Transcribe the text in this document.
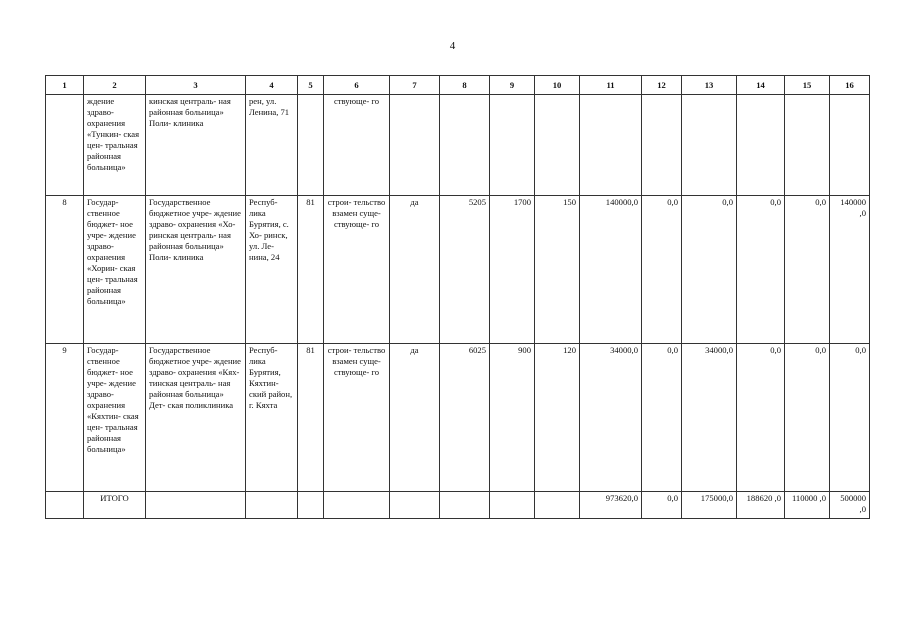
4
1	2	3	4	5	6	7	8	9	10	11	12	13	14	15	16
	ждение здраво- охранения «Тункин- ская цен- тральная районная больница»	кинская централь- ная районная больница» Поли- клиника	рен, ул. Ленина, 71		ствующе- го										
8	Государ- ственное бюджет- ное учре- ждение здраво- охранения «Хорин- ская цен- тральная районная больница»	Государственное бюджетное учре- ждение здраво- охранения «Хо- ринская централь- ная районная больница» Поли- клиника	Респуб- лика Бурятия, с. Хо- ринск, ул. Ле- нина, 24	81	строи- тельство взамен суще- ствующе- го	да	5205	1700	150	140000,0	0,0	0,0	0,0	0,0	140000 ,0
9	Государ- ственное бюджет- ное учре- ждение здраво- охранения «Кяхтин- ская цен- тральная районная больница»	Государственное бюджетное учре- ждение здраво- охранения «Кях- тинская централь- ная районная больница» Дет- ская поликлиника	Респуб- лика Бурятия, Кяхтин- ский район, г. Кяхта	81	строи- тельство взамен суще- ствующе- го	да	6025	900	120	34000,0	0,0	34000,0	0,0	0,0	0,0
	ИТОГО									973620,0	0,0	175000,0	188620 ,0	110000 ,0	500000 ,0
